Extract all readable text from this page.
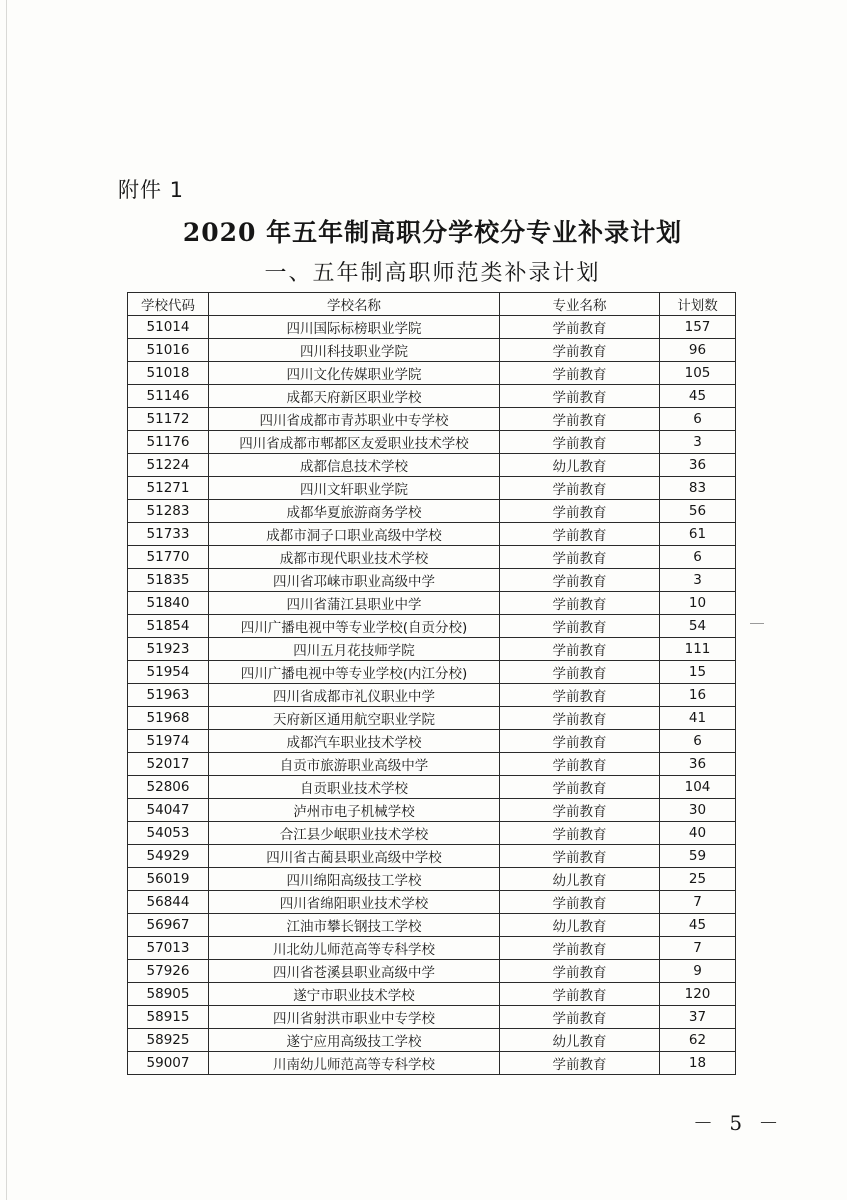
附件 1
2020 年五年制高职分学校分专业补录计划
一、五年制高职师范类补录计划
学校代码	学校名称	专业名称	计划数
51014	四川国际标榜职业学院	学前教育	157
51016	四川科技职业学院	学前教育	96
51018	四川文化传媒职业学院	学前教育	105
51146	成都天府新区职业学校	学前教育	45
51172	四川省成都市青苏职业中专学校	学前教育	6
51176	四川省成都市郫都区友爱职业技术学校	学前教育	3
51224	成都信息技术学校	幼儿教育	36
51271	四川文轩职业学院	学前教育	83
51283	成都华夏旅游商务学校	学前教育	56
51733	成都市洞子口职业高级中学校	学前教育	61
51770	成都市现代职业技术学校	学前教育	6
51835	四川省邛崃市职业高级中学	学前教育	3
51840	四川省蒲江县职业中学	学前教育	10
51854	四川广播电视中等专业学校(自贡分校)	学前教育	54
51923	四川五月花技师学院	学前教育	111
51954	四川广播电视中等专业学校(内江分校)	学前教育	15
51963	四川省成都市礼仪职业中学	学前教育	16
51968	天府新区通用航空职业学院	学前教育	41
51974	成都汽车职业技术学校	学前教育	6
52017	自贡市旅游职业高级中学	学前教育	36
52806	自贡职业技术学校	学前教育	104
54047	泸州市电子机械学校	学前教育	30
54053	合江县少岷职业技术学校	学前教育	40
54929	四川省古蔺县职业高级中学校	学前教育	59
56019	四川绵阳高级技工学校	幼儿教育	25
56844	四川省绵阳职业技术学校	学前教育	7
56967	江油市攀长钢技工学校	幼儿教育	45
57013	川北幼儿师范高等专科学校	学前教育	7
57926	四川省苍溪县职业高级中学	学前教育	9
58905	遂宁市职业技术学校	学前教育	120
58915	四川省射洪市职业中专学校	学前教育	37
58925	遂宁应用高级技工学校	幼儿教育	62
59007	川南幼儿师范高等专科学校	学前教育	18
－ 5 －
